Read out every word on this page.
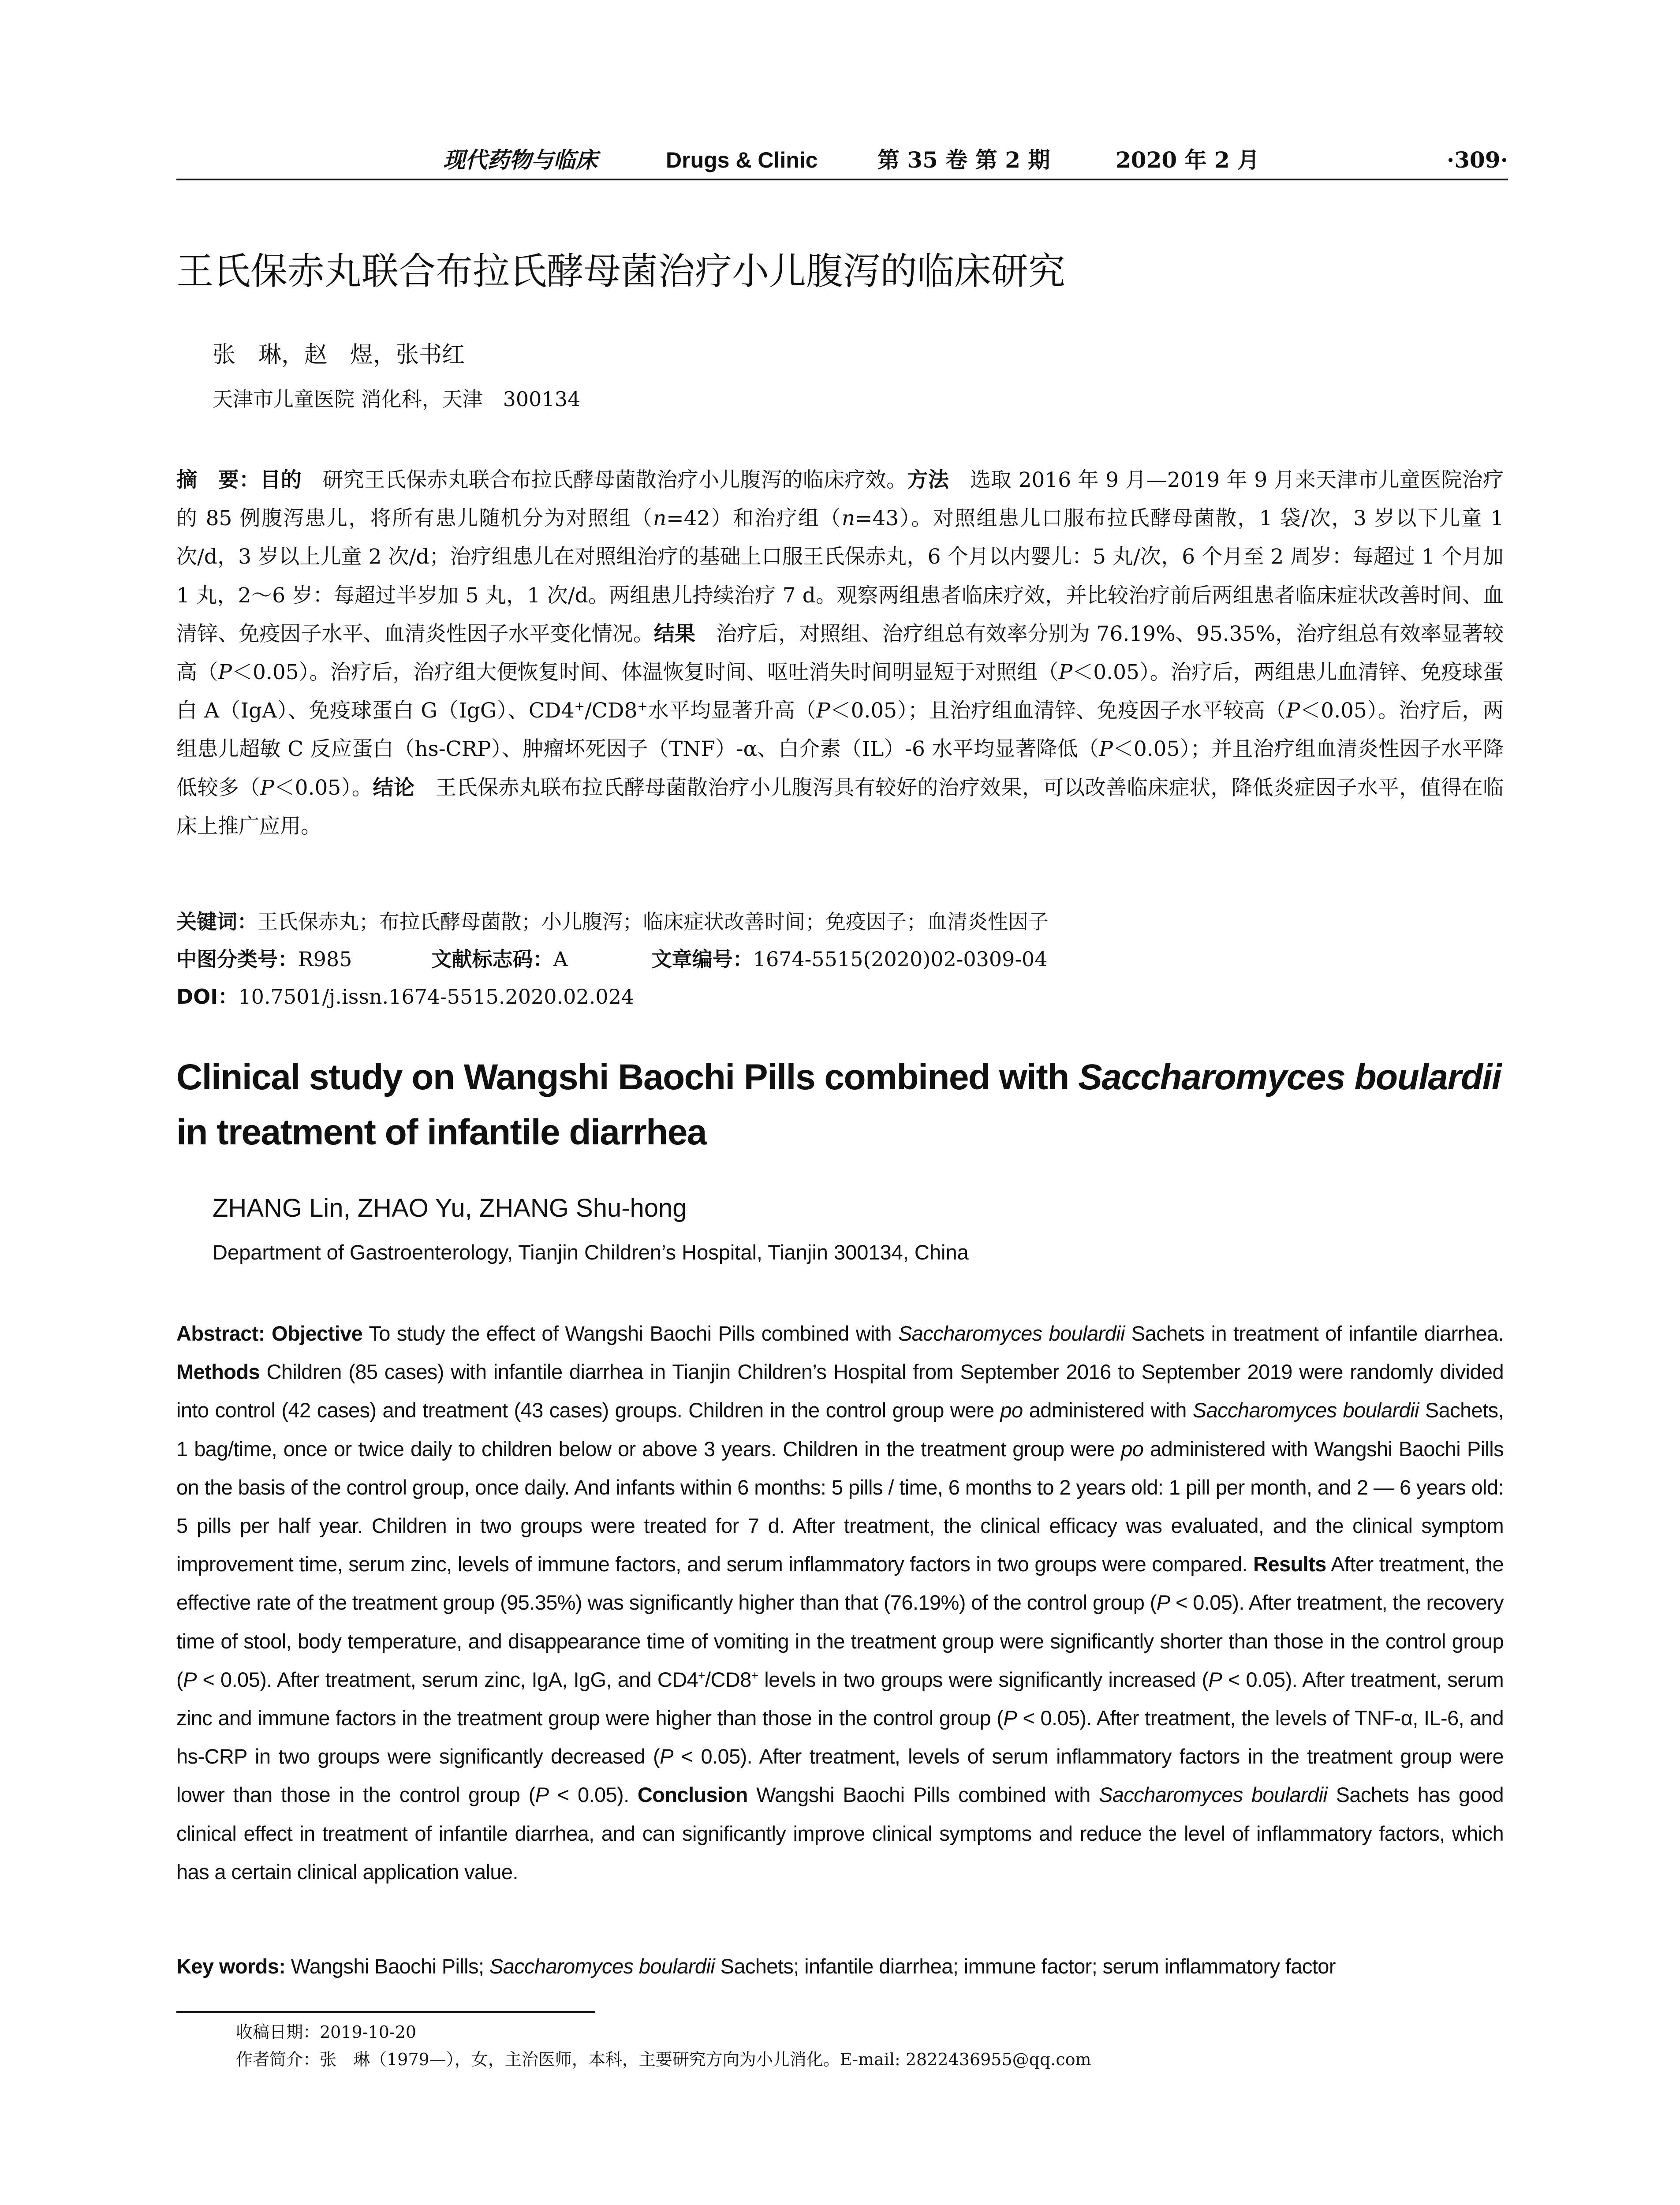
现代药物与临床	Drugs & Clinic	第 35 卷 第 2 期	2020 年 2 月	·309·
王氏保赤丸联合布拉氏酵母菌治疗小儿腹泻的临床研究
张　琳，赵　煜，张书红
天津市儿童医院 消化科，天津　300134

摘　要：目的　研究王氏保赤丸联合布拉氏酵母菌散治疗小儿腹泻的临床疗效。方法　选取 2016 年 9 月—2019 年 9 月来天津市儿童医院治疗的 85 例腹泻患儿，将所有患儿随机分为对照组（n=42）和治疗组（n=43）。对照组患儿口服布拉氏酵母菌散，1 袋/次，3 岁以下儿童 1 次/d，3 岁以上儿童 2 次/d；治疗组患儿在对照组治疗的基础上口服王氏保赤丸，6 个月以内婴儿：5 丸/次，6 个月至 2 周岁：每超过 1 个月加 1 丸，2～6 岁：每超过半岁加 5 丸，1 次/d。两组患儿持续治疗 7 d。观察两组患者临床疗效，并比较治疗前后两组患者临床症状改善时间、血清锌、免疫因子水平、血清炎性因子水平变化情况。结果　治疗后，对照组、治疗组总有效率分别为 76.19%、95.35%，治疗组总有效率显著较高（P＜0.05）。治疗后，治疗组大便恢复时间、体温恢复时间、呕吐消失时间明显短于对照组（P＜0.05）。治疗后，两组患儿血清锌、免疫球蛋白 A（IgA）、免疫球蛋白 G（IgG）、CD4+/CD8+水平均显著升高（P＜0.05）；且治疗组血清锌、免疫因子水平较高（P＜0.05）。治疗后，两组患儿超敏 C 反应蛋白（hs-CRP）、肿瘤坏死因子（TNF）-α、白介素（IL）-6 水平均显著降低（P＜0.05）；并且治疗组血清炎性因子水平降低较多（P＜0.05）。结论　王氏保赤丸联布拉氏酵母菌散治疗小儿腹泻具有较好的治疗效果，可以改善临床症状，降低炎症因子水平，值得在临床上推广应用。

关键词：王氏保赤丸；布拉氏酵母菌散；小儿腹泻；临床症状改善时间；免疫因子；血清炎性因子
中图分类号：R985	文献标志码：A	文章编号：1674-5515(2020)02-0309-04
DOI：10.7501/j.issn.1674-5515.2020.02.024
Clinical study on Wangshi Baochi Pills combined with Saccharomyces boulardii in treatment of infantile diarrhea
ZHANG Lin, ZHAO Yu, ZHANG Shu-hong
Department of Gastroenterology, Tianjin Children’s Hospital, Tianjin 300134, China

Abstract: Objective To study the effect of Wangshi Baochi Pills combined with Saccharomyces boulardii Sachets in treatment of infantile diarrhea. Methods Children (85 cases) with infantile diarrhea in Tianjin Children’s Hospital from September 2016 to September 2019 were randomly divided into control (42 cases) and treatment (43 cases) groups. Children in the control group were po administered with Saccharomyces boulardii Sachets, 1 bag/time, once or twice daily to children below or above 3 years. Children in the treatment group were po administered with Wangshi Baochi Pills on the basis of the control group, once daily. And infants within 6 months: 5 pills / time, 6 months to 2 years old: 1 pill per month, and 2 — 6 years old: 5 pills per half year. Children in two groups were treated for 7 d. After treatment, the clinical efficacy was evaluated, and the clinical symptom improvement time, serum zinc, levels of immune factors, and serum inflammatory factors in two groups were compared. Results After treatment, the effective rate of the treatment group (95.35%) was significantly higher than that (76.19%) of the control group (P < 0.05). After treatment, the recovery time of stool, body temperature, and disappearance time of vomiting in the treatment group were significantly shorter than those in the control group (P < 0.05). After treatment, serum zinc, IgA, IgG, and CD4+/CD8+ levels in two groups were significantly increased (P < 0.05). After treatment, serum zinc and immune factors in the treatment group were higher than those in the control group (P < 0.05). After treatment, the levels of TNF-α, IL-6, and hs-CRP in two groups were significantly decreased (P < 0.05). After treatment, levels of serum inflammatory factors in the treatment group were lower than those in the control group (P < 0.05). Conclusion Wangshi Baochi Pills combined with Saccharomyces boulardii Sachets has good clinical effect in treatment of infantile diarrhea, and can significantly improve clinical symptoms and reduce the level of inflammatory factors, which has a certain clinical application value.

Key words: Wangshi Baochi Pills; Saccharomyces boulardii Sachets; infantile diarrhea; immune factor; serum inflammatory factor

收稿日期：2019-10-20
作者简介：张　琳（1979—），女，主治医师，本科，主要研究方向为小儿消化。E-mail: 2822436955@qq.com
